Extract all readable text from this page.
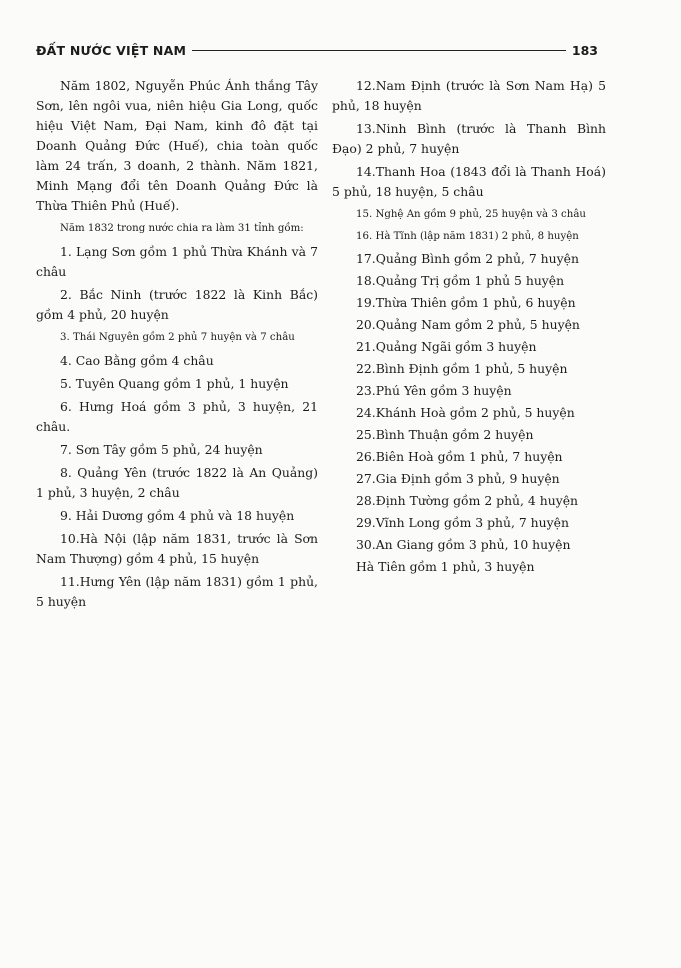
ĐẤT NƯỚC VIỆT NAM	183

Năm 1802, Nguyễn Phúc Ánh thắng Tây Sơn, lên ngôi vua, niên hiệu Gia Long, quốc hiệu Việt Nam, Đại Nam, kinh đô đặt tại Doanh Quảng Đức (Huế), chia toàn quốc làm 24 trấn, 3 doanh, 2 thành. Năm 1821, Minh Mạng đổi tên Doanh Quảng Đức là Thừa Thiên Phủ (Huế).

Năm 1832 trong nước chia ra làm 31 tỉnh gồm:

1. Lạng Sơn gồm 1 phủ Thừa Khánh và 7 châu

2. Bắc Ninh (trước 1822 là Kinh Bắc) gồm 4 phủ, 20 huyện

3. Thái Nguyên gồm 2 phủ 7 huyện và 7 châu

4. Cao Bằng gồm 4 châu

5. Tuyên Quang gồm 1 phủ, 1 huyện

6. Hưng Hoá gồm 3 phủ, 3 huyện, 21 châu.

7. Sơn Tây gồm 5 phủ, 24 huyện

8. Quảng Yên (trước 1822 là An Quảng) 1 phủ, 3 huyện, 2 châu

9. Hải Dương gồm 4 phủ và 18 huyện

10.Hà Nội (lập năm 1831, trước là Sơn Nam Thượng) gồm 4 phủ, 15 huyện

11.Hưng Yên (lập năm 1831) gồm 1 phủ, 5 huyện

12.Nam Định (trước là Sơn Nam Hạ) 5 phủ, 18 huyện

13.Ninh Bình (trước là Thanh Bình Đạo) 2 phủ, 7 huyện

14.Thanh Hoa (1843 đổi là Thanh Hoá) 5 phủ, 18 huyện, 5 châu

15. Nghệ An gồm 9 phủ, 25 huyện và 3 châu

16. Hà Tĩnh (lập năm 1831) 2 phủ, 8 huyện

17.Quảng Bình gồm 2 phủ, 7 huyện

18.Quảng Trị gồm 1 phủ 5 huyện

19.Thừa Thiên gồm 1 phủ, 6 huyện

20.Quảng Nam gồm 2 phủ, 5 huyện

21.Quảng Ngãi gồm 3 huyện

22.Bình Định gồm 1 phủ, 5 huyện

23.Phú Yên gồm 3 huyện

24.Khánh Hoà gồm 2 phủ, 5 huyện

25.Bình Thuận gồm 2 huyện

26.Biên Hoà gồm 1 phủ, 7 huyện

27.Gia Định gồm 3 phủ, 9 huyện

28.Định Tường gồm 2 phủ, 4 huyện

29.Vĩnh Long gồm 3 phủ, 7 huyện

30.An Giang gồm 3 phủ, 10 huyện

Hà Tiên gồm 1 phủ, 3 huyện
